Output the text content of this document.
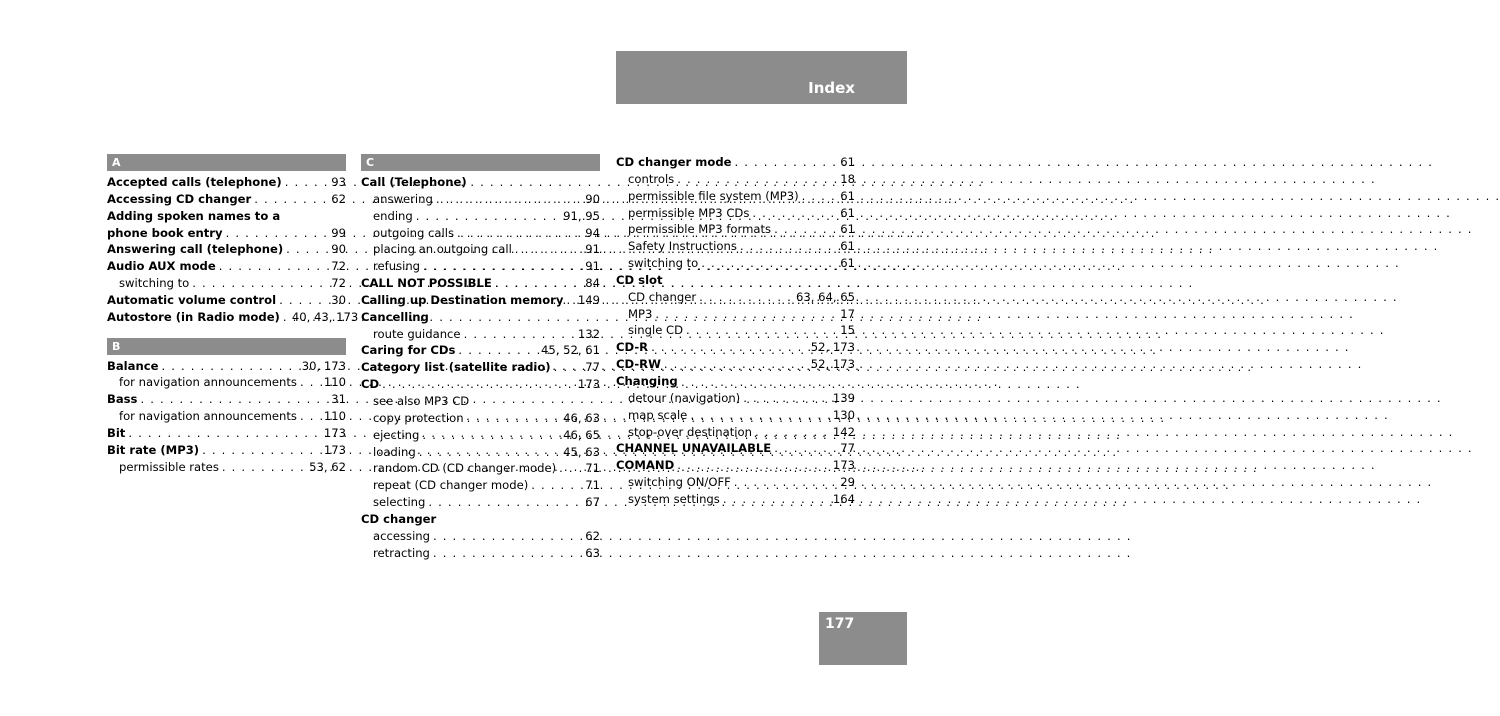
Index
A
Accepted calls (telephone) . . .	93
Accessing CD changer . . .	62
Adding spoken names to a
phone book entry . . .	99
Answering call (telephone) . . .	90
Audio AUX mode . . .	72
switching to . . .	72
Automatic volume control . . .	30
Autostore (in Radio mode) . . . 40, 43, 173
B
Balance . . .	30, 173
for navigation announcements . . . 110
Bass . . .	31
for navigation announcements . . . 110
Bit . . .	173
Bit rate (MP3) . . .	173
permissible rates . . .	53, 62
C
Call (Telephone)
answering . . .	90
ending . . .	91, 95
outgoing calls . . .	94
placing an outgoing call . . .	91
refusing . . .	91
CALL NOT POSSIBLE . . .	84
Calling up Destination memory . . . 149
Cancelling
route guidance . . .	132
Caring for CDs . . .	45, 52, 61
Category list (satellite radio) . . .	77
CD . . .	173
see also MP3 CD
copy protection . . .	46, 63
ejecting . . .	46, 65
loading . . .	45, 63
random CD (CD changer mode) . . .	71
repeat (CD changer mode) . . .	71
selecting . . .	67
CD changer
accessing . . .	62
retracting . . .	63
CD changer mode . . .	61
controls . . .	18
permissible file system (MP3) . . .	61
permissible MP3 CDs . . .	61
permissible MP3 formats . . .	61
Safety Instructions . . .	61
switching to . . .	61
CD slot
CD changer . . .	63, 64, 65
MP3 . . .	17
single CD . . .	15
CD-R . . .	52, 173
CD-RW . . .	52, 173
Changing
detour (navigation) . . .	139
map scale . . .	130
stop-over destination . . .	142
CHANNEL UNAVAILABLE . . .	77
COMAND . . .	173
switching ON/OFF . . .	29
system settings . . .	164
177
